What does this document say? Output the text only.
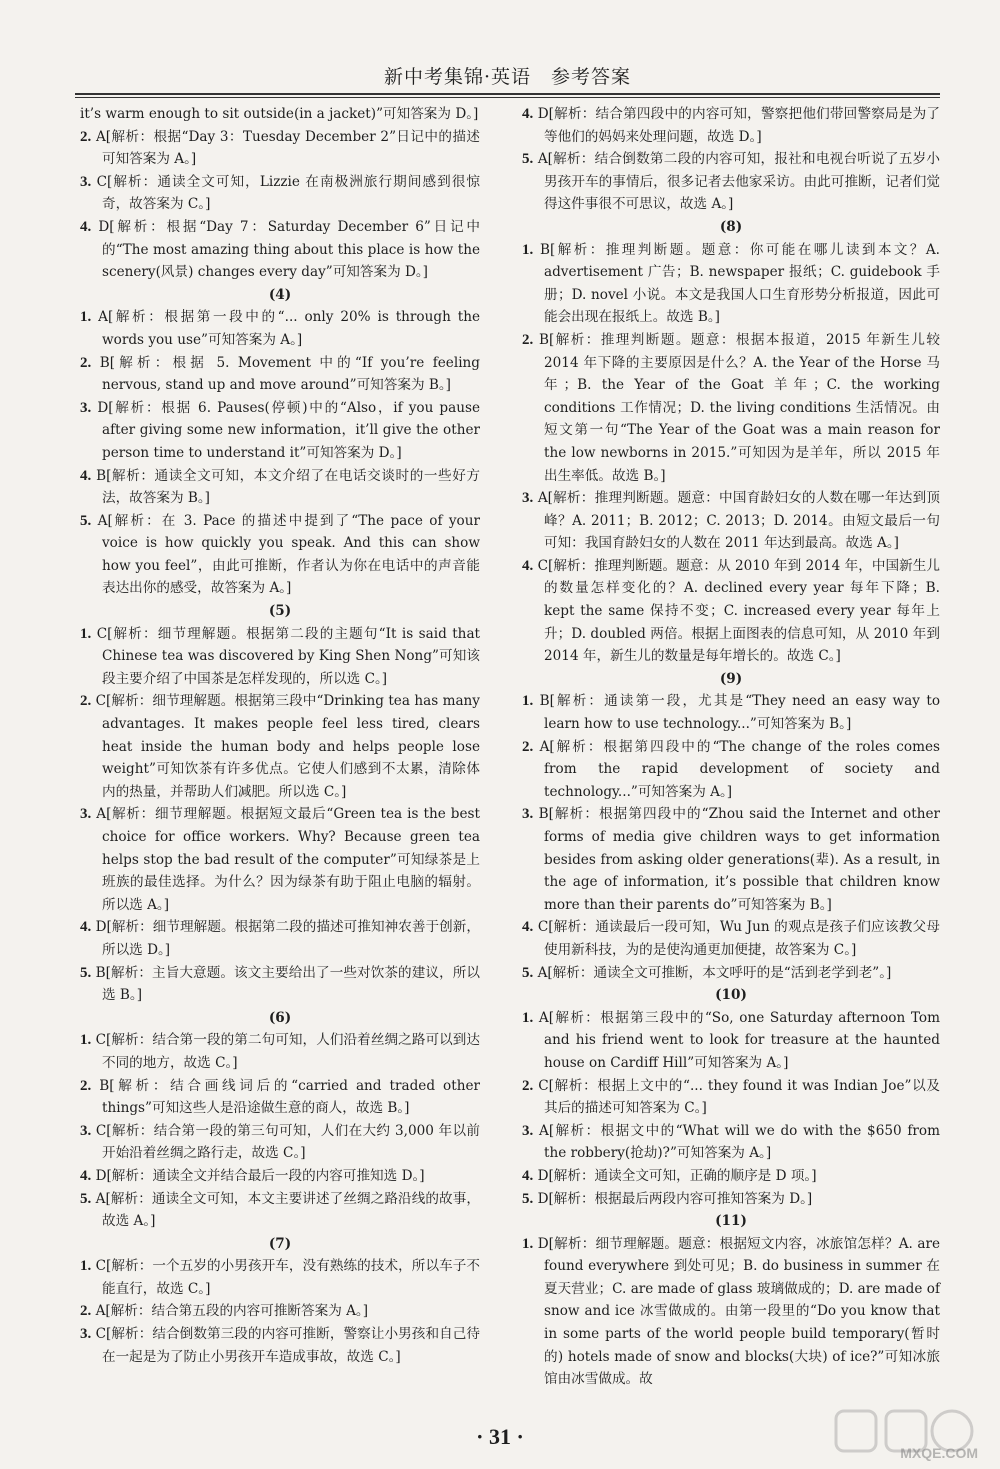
新中考集锦·英语　参考答案

it’s warm enough to sit outside(in a jacket)”可知答案为 D。]

2. A[解析：根据“Day 3：Tuesday December 2”日记中的描述可知答案为 A。]

3. C[解析：通读全文可知，Lizzie 在南极洲旅行期间感到很惊奇，故答案为 C。]

4. D[解析：根据“Day 7：Saturday December 6”日记中的“The most amazing thing about this place is how the scenery(风景) changes every day”可知答案为 D。]

(4)

1. A[解析：根据第一段中的“... only 20% is through the words you use”可知答案为 A。]

2. B[解析：根据 5. Movement 中的“If you’re feeling nervous, stand up and move around”可知答案为 B。]

3. D[解析：根据 6. Pauses(停顿)中的“Also，if you pause after giving some new information，it’ll give the other person time to understand it”可知答案为 D。]

4. B[解析：通读全文可知，本文介绍了在电话交谈时的一些好方法，故答案为 B。]

5. A[解析：在 3. Pace 的描述中提到了“The pace of your voice is how quickly you speak. And this can show how you feel”，由此可推断，作者认为你在电话中的声音能表达出你的感受，故答案为 A。]

(5)

1. C[解析：细节理解题。根据第二段的主题句“It is said that Chinese tea was discovered by King Shen Nong”可知该段主要介绍了中国茶是怎样发现的，所以选 C。]

2. C[解析：细节理解题。根据第三段中“Drinking tea has many advantages. It makes people feel less tired, clears heat inside the human body and helps people lose weight”可知饮茶有许多优点。它使人们感到不太累，清除体内的热量，并帮助人们减肥。所以选 C。]

3. A[解析：细节理解题。根据短文最后“Green tea is the best choice for office workers. Why? Because green tea helps stop the bad result of the computer”可知绿茶是上班族的最佳选择。为什么？因为绿茶有助于阻止电脑的辐射。所以选 A。]

4. D[解析：细节理解题。根据第二段的描述可推知神农善于创新，所以选 D。]

5. B[解析：主旨大意题。该文主要给出了一些对饮茶的建议，所以选 B。]

(6)

1. C[解析：结合第一段的第二句可知，人们沿着丝绸之路可以到达不同的地方，故选 C。]

2. B[解析：结合画线词后的“carried and traded other things”可知这些人是沿途做生意的商人，故选 B。]

3. C[解析：结合第一段的第三句可知，人们在大约 3,000 年以前开始沿着丝绸之路行走，故选 C。]

4. D[解析：通读全文并结合最后一段的内容可推知选 D。]

5. A[解析：通读全文可知，本文主要讲述了丝绸之路沿线的故事，故选 A。]

(7)

1. C[解析：一个五岁的小男孩开车，没有熟练的技术，所以车子不能直行，故选 C。]

2. A[解析：结合第五段的内容可推断答案为 A。]

3. C[解析：结合倒数第三段的内容可推断，警察让小男孩和自己待在一起是为了防止小男孩开车造成事故，故选 C。]

4. D[解析：结合第四段中的内容可知，警察把他们带回警察局是为了等他们的妈妈来处理问题，故选 D。]

5. A[解析：结合倒数第二段的内容可知，报社和电视台听说了五岁小男孩开车的事情后，很多记者去他家采访。由此可推断，记者们觉得这件事很不可思议，故选 A。]

(8)

1. B[解析：推理判断题。题意：你可能在哪儿读到本文？A. advertisement 广告；B. newspaper 报纸；C. guidebook 手册；D. novel 小说。本文是我国人口生育形势分析报道，因此可能会出现在报纸上。故选 B。]

2. B[解析：推理判断题。题意：根据本报道，2015 年新生儿较 2014 年下降的主要原因是什么？A. the Year of the Horse 马年；B. the Year of the Goat 羊年；C. the working conditions 工作情况；D. the living conditions 生活情况。由短文第一句“The Year of the Goat was a main reason for the low newborns in 2015.”可知因为是羊年，所以 2015 年出生率低。故选 B。]

3. A[解析：推理判断题。题意：中国育龄妇女的人数在哪一年达到顶峰？A. 2011；B. 2012；C. 2013；D. 2014。由短文最后一句可知：我国育龄妇女的人数在 2011 年达到最高。故选 A。]

4. C[解析：推理判断题。题意：从 2010 年到 2014 年，中国新生儿的数量怎样变化的？A. declined every year 每年下降；B. kept the same 保持不变；C. increased every year 每年上升；D. doubled 两倍。根据上面图表的信息可知，从 2010 年到 2014 年，新生儿的数量是每年增长的。故选 C。]

(9)

1. B[解析：通读第一段，尤其是“They need an easy way to learn how to use technology...”可知答案为 B。]

2. A[解析：根据第四段中的“The change of the roles comes from the rapid development of society and technology...”可知答案为 A。]

3. B[解析：根据第四段中的“Zhou said the Internet and other forms of media give children ways to get information besides from asking older generations(辈). As a result, in the age of information, it’s possible that children know more than their parents do”可知答案为 B。]

4. C[解析：通读最后一段可知，Wu Jun 的观点是孩子们应该教父母使用新科技，为的是使沟通更加便捷，故答案为 C。]

5. A[解析：通读全文可推断，本文呼吁的是“活到老学到老”。]

(10)

1. A[解析：根据第三段中的“So, one Saturday afternoon Tom and his friend went to look for treasure at the haunted house on Cardiff Hill”可知答案为 A。]

2. C[解析：根据上文中的“... they found it was Indian Joe”以及其后的描述可知答案为 C。]

3. A[解析：根据文中的“What will we do with the $650 from the robbery(抢劫)?”可知答案为 A。]

4. D[解析：通读全文可知，正确的顺序是 D 项。]

5. D[解析：根据最后两段内容可推知答案为 D。]

(11)

1. D[解析：细节理解题。题意：根据短文内容，冰旅馆怎样？A. are found everywhere 到处可见；B. do business in summer 在夏天营业；C. are made of glass 玻璃做成的；D. are made of snow and ice 冰雪做成的。由第一段里的“Do you know that in some parts of the world people build temporary(暂时的) hotels made of snow and blocks(大块) of ice?”可知冰旅馆由冰雪做成。故

· 31 ·
MXQE.COM
